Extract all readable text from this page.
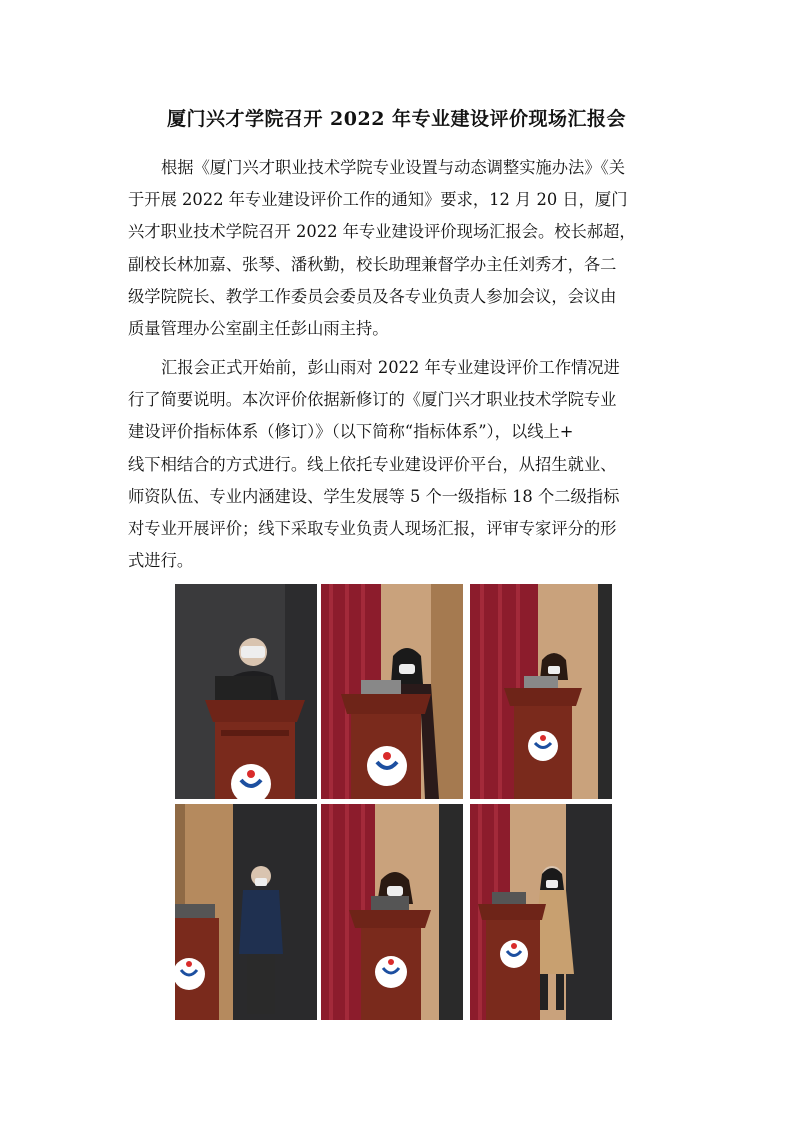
厦门兴才学院召开 2022 年专业建设评价现场汇报会
根据《厦门兴才职业技术学院专业设置与动态调整实施办法》《关
于开展 2022 年专业建设评价工作的通知》要求，12 月 20 日，厦门
兴才职业技术学院召开 2022 年专业建设评价现场汇报会。校长郝超，
副校长林加嘉、张琴、潘秋勤，校长助理兼督学办主任刘秀才，各二
级学院院长、教学工作委员会委员及各专业负责人参加会议，会议由
质量管理办公室副主任彭山雨主持。
汇报会正式开始前，彭山雨对 2022 年专业建设评价工作情况进
行了简要说明。本次评价依据新修订的《厦门兴才职业技术学院专业
建设评价指标体系（修订）》（以下简称“指标体系”），以线上+
线下相结合的方式进行。线上依托专业建设评价平台，从招生就业、
师资队伍、专业内涵建设、学生发展等 5 个一级指标 18 个二级指标
对专业开展评价；线下采取专业负责人现场汇报，评审专家评分的形
式进行。
